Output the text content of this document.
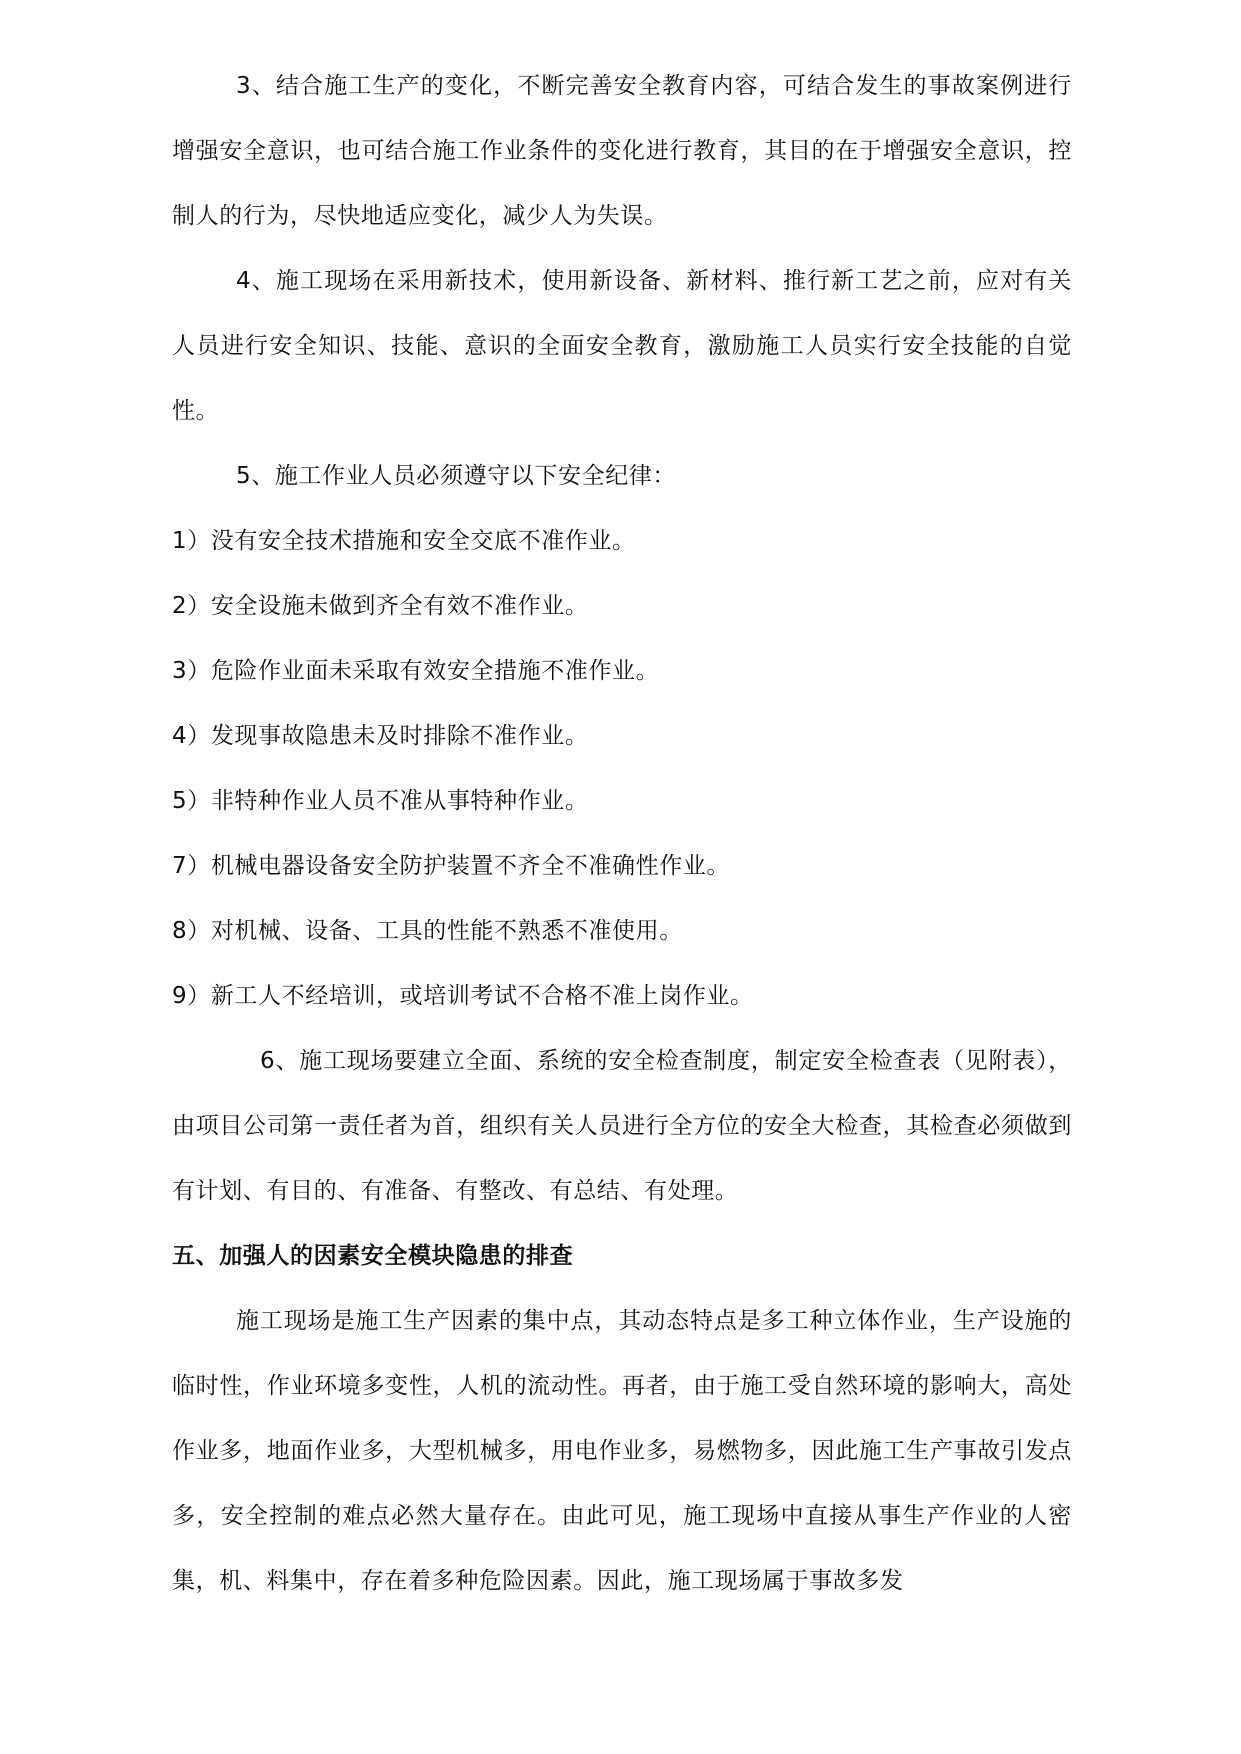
3、结合施工生产的变化，不断完善安全教育内容，可结合发生的事故案例进行增强安全意识，也可结合施工作业条件的变化进行教育，其目的在于增强安全意识，控制人的行为，尽快地适应变化，减少人为失误。

4、施工现场在采用新技术，使用新设备、新材料、推行新工艺之前，应对有关人员进行安全知识、技能、意识的全面安全教育，激励施工人员实行安全技能的自觉性。

5、施工作业人员必须遵守以下安全纪律：

1）没有安全技术措施和安全交底不准作业。

2）安全设施未做到齐全有效不准作业。

3）危险作业面未采取有效安全措施不准作业。

4）发现事故隐患未及时排除不准作业。

5）非特种作业人员不准从事特种作业。

7）机械电器设备安全防护装置不齐全不准确性作业。

8）对机械、设备、工具的性能不熟悉不准使用。

9）新工人不经培训，或培训考试不合格不准上岗作业。

6、施工现场要建立全面、系统的安全检查制度，制定安全检查表（见附表），由项目公司第一责任者为首，组织有关人员进行全方位的安全大检查，其检查必须做到有计划、有目的、有准备、有整改、有总结、有处理。

五、加强人的因素安全模块隐患的排查

施工现场是施工生产因素的集中点，其动态特点是多工种立体作业，生产设施的临时性，作业环境多变性，人机的流动性。再者，由于施工受自然环境的影响大，高处作业多，地面作业多，大型机械多，用电作业多，易燃物多，因此施工生产事故引发点多，安全控制的难点必然大量存在。由此可见，施工现场中直接从事生产作业的人密集，机、料集中，存在着多种危险因素。因此，施工现场属于事故多发
